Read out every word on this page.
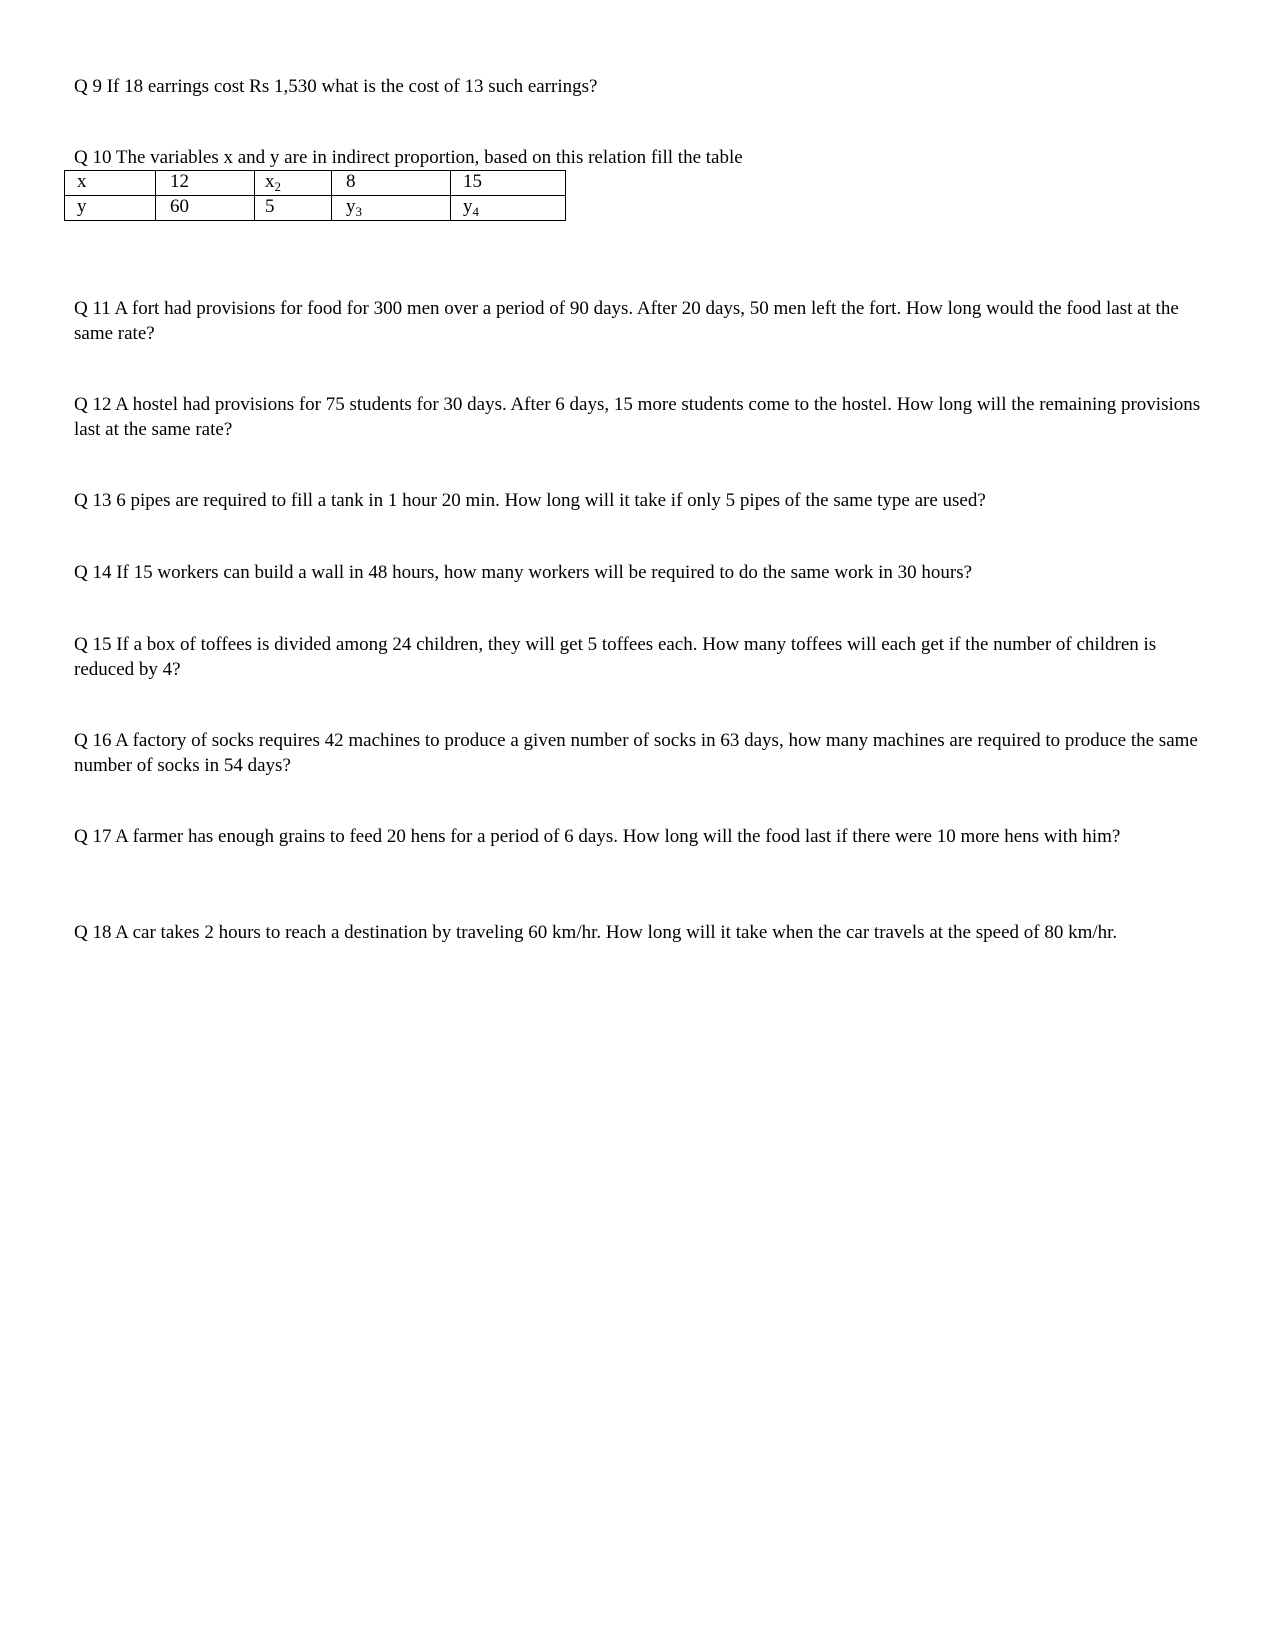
Q 9 If 18 earrings cost Rs 1,530 what is the cost of 13 such earrings?

Q 10 The variables x and y are in indirect proportion, based on this relation fill the table

x	12	$x_2$	8	15
y	60	5	$y_3$	$y_4$

Q 11 A fort had provisions for food for 300 men over a period of 90 days. After 20 days, 50 men left the fort. How long would the food last at the same rate?

Q 12 A hostel had provisions for 75 students for 30 days. After 6 days, 15 more students come to the hostel. How long will the remaining provisions last at the same rate?

Q 13 6 pipes are required to fill a tank in 1 hour 20 min. How long will it take if only 5 pipes of the same type are used?

Q 14 If 15 workers can build a wall in 48 hours, how many workers will be required to do the same work in 30 hours?

Q 15 If a box of toffees is divided among 24 children, they will get 5 toffees each. How many toffees will each get if the number of children is reduced by 4?

Q 16 A factory of socks requires 42 machines to produce a given number of socks in 63 days, how many machines are required to produce the same number of socks in 54 days?

Q 17 A farmer has enough grains to feed 20 hens for a period of 6 days. How long will the food last if there were 10 more hens with him?

Q 18 A car takes 2 hours to reach a destination by traveling 60 km/hr. How long will it take when the car travels at the speed of 80 km/hr.
